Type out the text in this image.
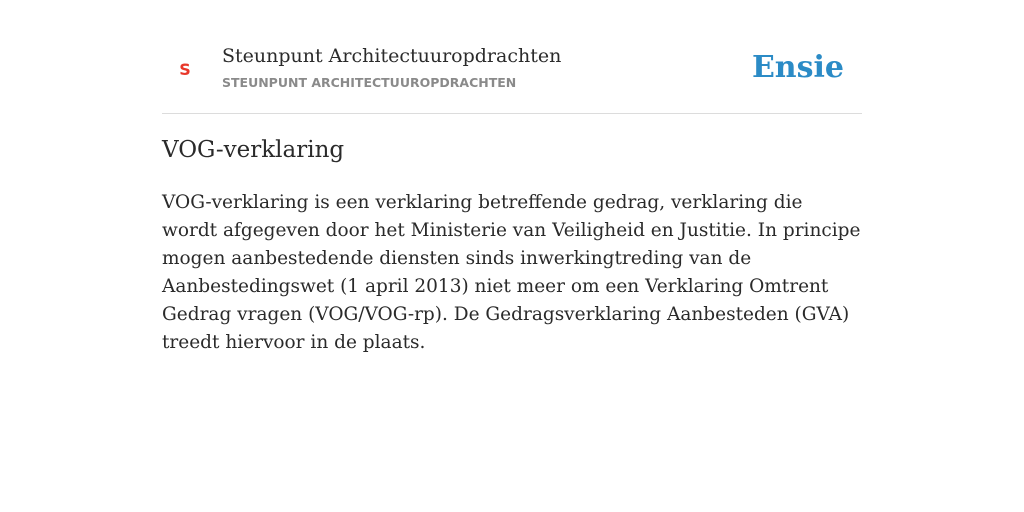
S
Steunpunt Architectuuropdrachten
STEUNPUNT ARCHITECTUUROPDRACHTEN	Ensie
VOG-verklaring

VOG-verklaring is een verklaring betreffende gedrag, verklaring die wordt afgegeven door het Ministerie van Veiligheid en Justitie. In principe mogen aanbestedende diensten sinds inwerkingtreding van de Aanbestedingswet (1 april 2013) niet meer om een Verklaring Omtrent Gedrag vragen (VOG/VOG-rp). De Gedragsverklaring Aanbesteden (GVA) treedt hiervoor in de plaats.
